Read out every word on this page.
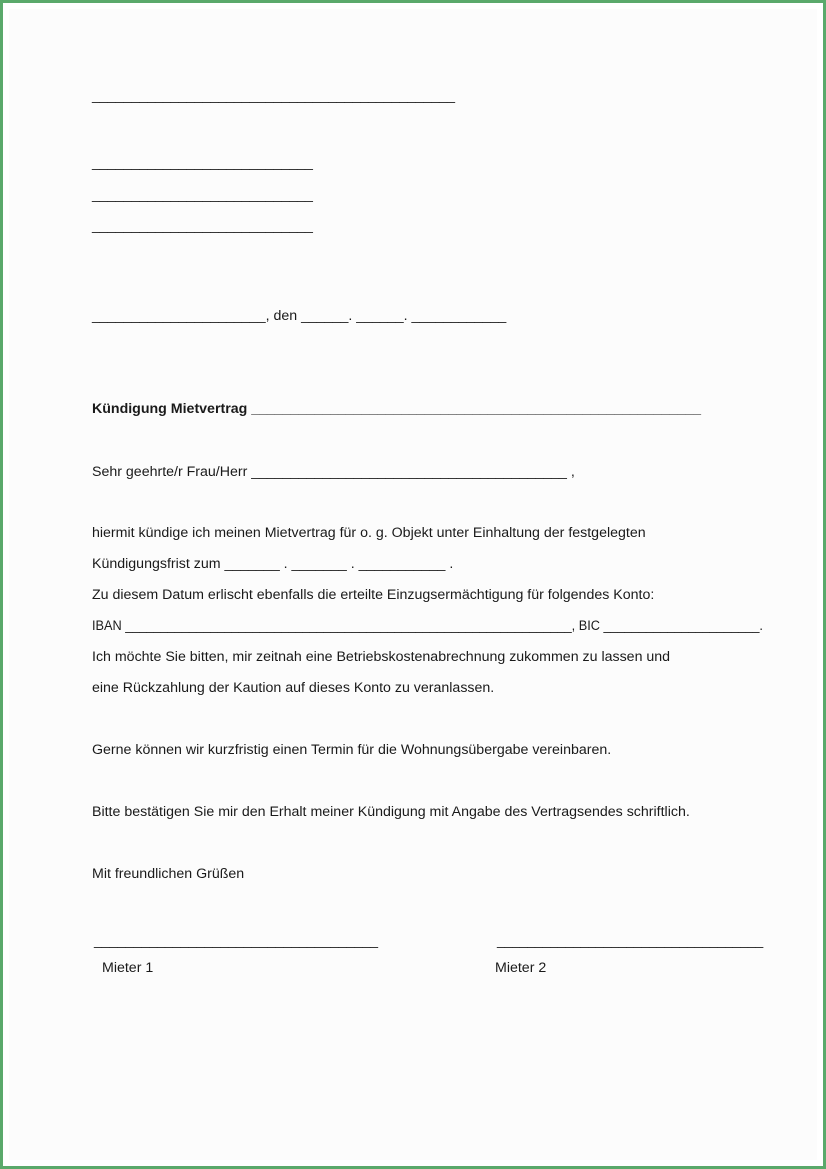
______________________________________________
____________________________
____________________________
____________________________
______________________, den ______. ______. ____________
Kündigung Mietvertrag _________________________________________________________
Sehr geehrte/r Frau/Herr ________________________________________ ,
hiermit kündige ich meinen Mietvertrag für o. g. Objekt unter Einhaltung der festgelegten
Kündigungsfrist zum _______ . _______ . ___________ .
Zu diesem Datum erlischt ebenfalls die erteilte Einzugsermächtigung für folgendes Konto:
IBAN _______________________________________________________________, BIC ______________________.
Ich möchte Sie bitten, mir zeitnah eine Betriebskostenabrechnung zukommen zu lassen und
eine Rückzahlung der Kaution auf dieses Konto zu veranlassen.
Gerne können wir kurzfristig einen Termin für die Wohnungsübergabe vereinbaren.
Bitte bestätigen Sie mir den Erhalt meiner Kündigung mit Angabe des Vertragsendes schriftlich.
Mit freundlichen Grüßen
____________________________________	___________________________________
Mieter 1	Mieter 2
